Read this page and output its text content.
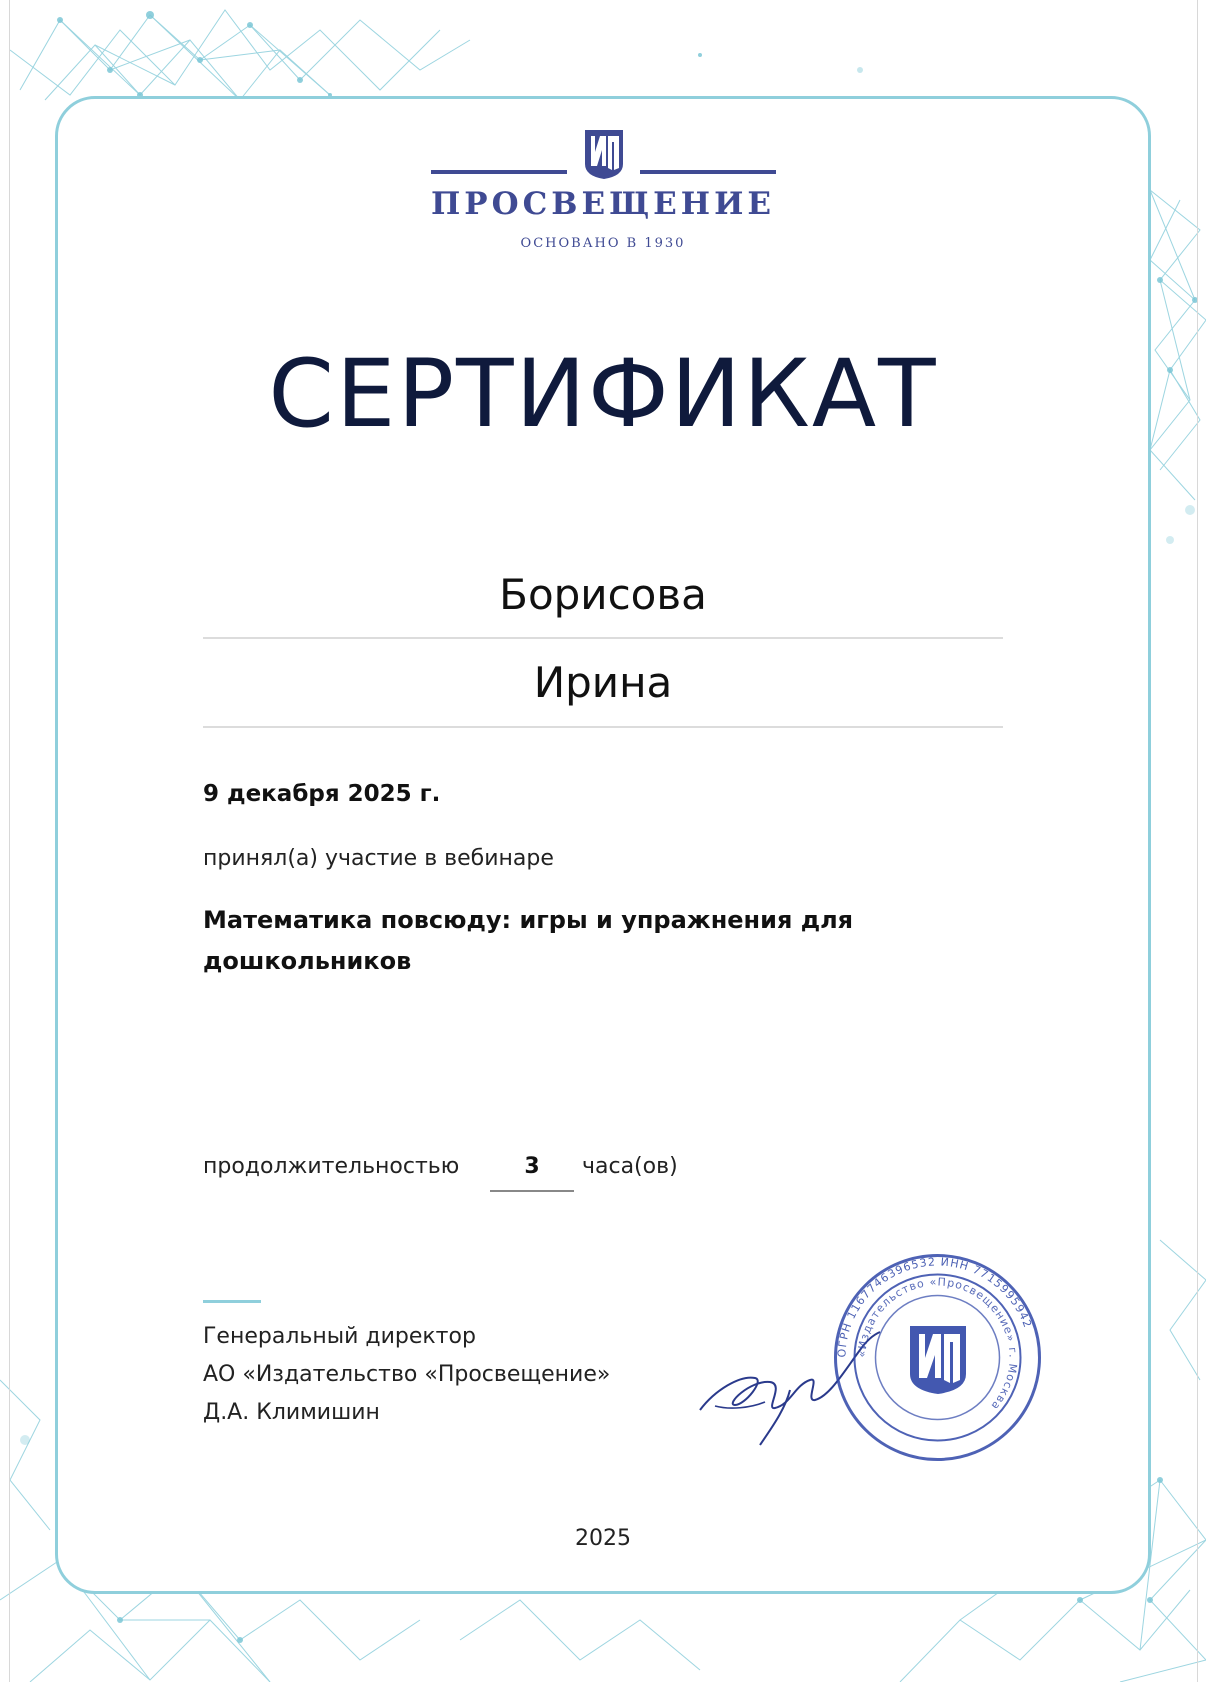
ПРОСВЕЩЕНИЕ
ОСНОВАНО В 1930
СЕРТИФИКАТ
Борисова
Ирина
9 декабря 2025 г.
принял(а) участие в вебинаре
Математика повсюду: игры и упражнения для дошкольников
продолжительностью	3	часа(ов)
Генеральный директор
АО «Издательство «Просвещение»
Д.А. Климишин
ОГРН 1167746396532 ИНН 7715995942
«Издательство «Просвещение» г. Москва
2025
